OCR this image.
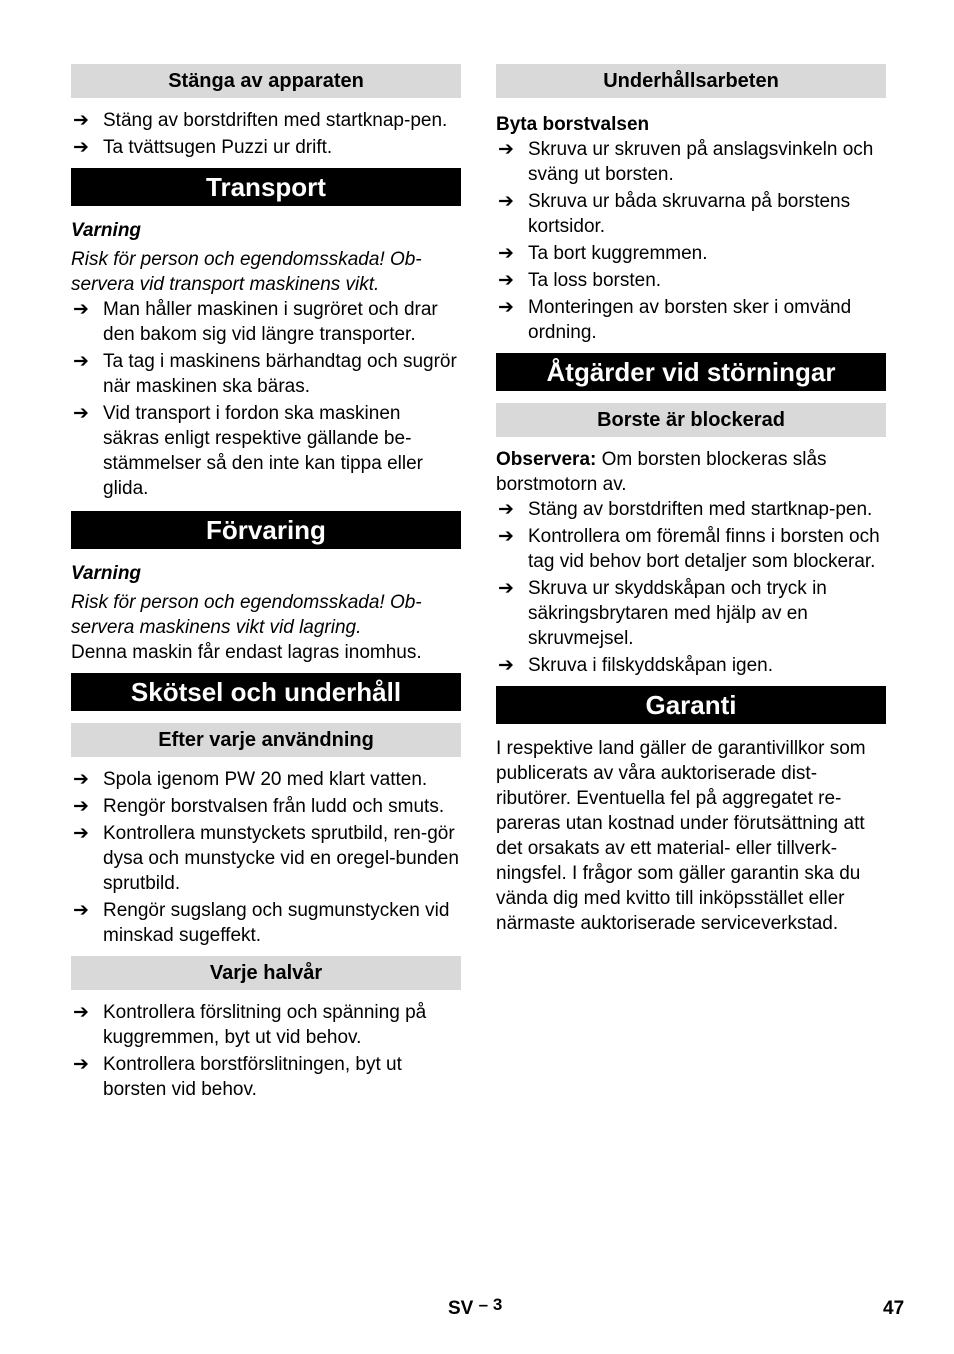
Stänga av apparaten
➔ Stäng av borstdriften med startknap-pen.
➔ Ta tvättsugen Puzzi ur drift.
Transport
Varning

Risk för person och egendomsskada! Ob-servera vid transport maskinens vikt.

➔ Man håller maskinen i sugröret och drar den bakom sig vid längre transporter.
➔ Ta tag i maskinens bärhandtag och sugrör när maskinen ska bäras.
➔ Vid transport i fordon ska maskinen säkras enligt respektive gällande be-stämmelser så den inte kan tippa eller glida.
Förvaring
Varning

Risk för person och egendomsskada! Ob-servera maskinens vikt vid lagring.

Denna maskin får endast lagras inomhus.

Skötsel och underhåll
Efter varje användning
➔ Spola igenom PW 20 med klart vatten.
➔ Rengör borstvalsen från ludd och smuts.
➔ Kontrollera munstyckets sprutbild, ren-gör dysa och munstycke vid en oregel-bunden sprutbild.
➔ Rengör sugslang och sugmunstycken vid minskad sugeffekt.
Varje halvår
➔ Kontrollera förslitning och spänning på kuggremmen, byt ut vid behov.
➔ Kontrollera borstförslitningen, byt ut borsten vid behov.
Underhållsarbeten
Byta borstvalsen
➔ Skruva ur skruven på anslagsvinkeln och sväng ut borsten.
➔ Skruva ur båda skruvarna på borstens kortsidor.
➔ Ta bort kuggremmen.
➔ Ta loss borsten.
➔ Monteringen av borsten sker i omvänd ordning.
Åtgärder vid störningar
Borste är blockerad

Observera: Om borsten blockeras slås borstmotorn av.

➔ Stäng av borstdriften med startknap-pen.
➔ Kontrollera om föremål finns i borsten och tag vid behov bort detaljer som blockerar.
➔ Skruva ur skyddskåpan och tryck in säkringsbrytaren med hjälp av en skruvmejsel.
➔ Skruva i filskyddskåpan igen.
Garanti

I respektive land gäller de garantivillkor som publicerats av våra auktoriserade dist-ributörer. Eventuella fel på aggregatet re-pareras utan kostnad under förutsättning att det orsakats av ett material- eller tillverk-ningsfel. I frågor som gäller garantin ska du vända dig med kvitto till inköpsstället eller närmaste auktoriserade serviceverkstad.

SV – 3	47
